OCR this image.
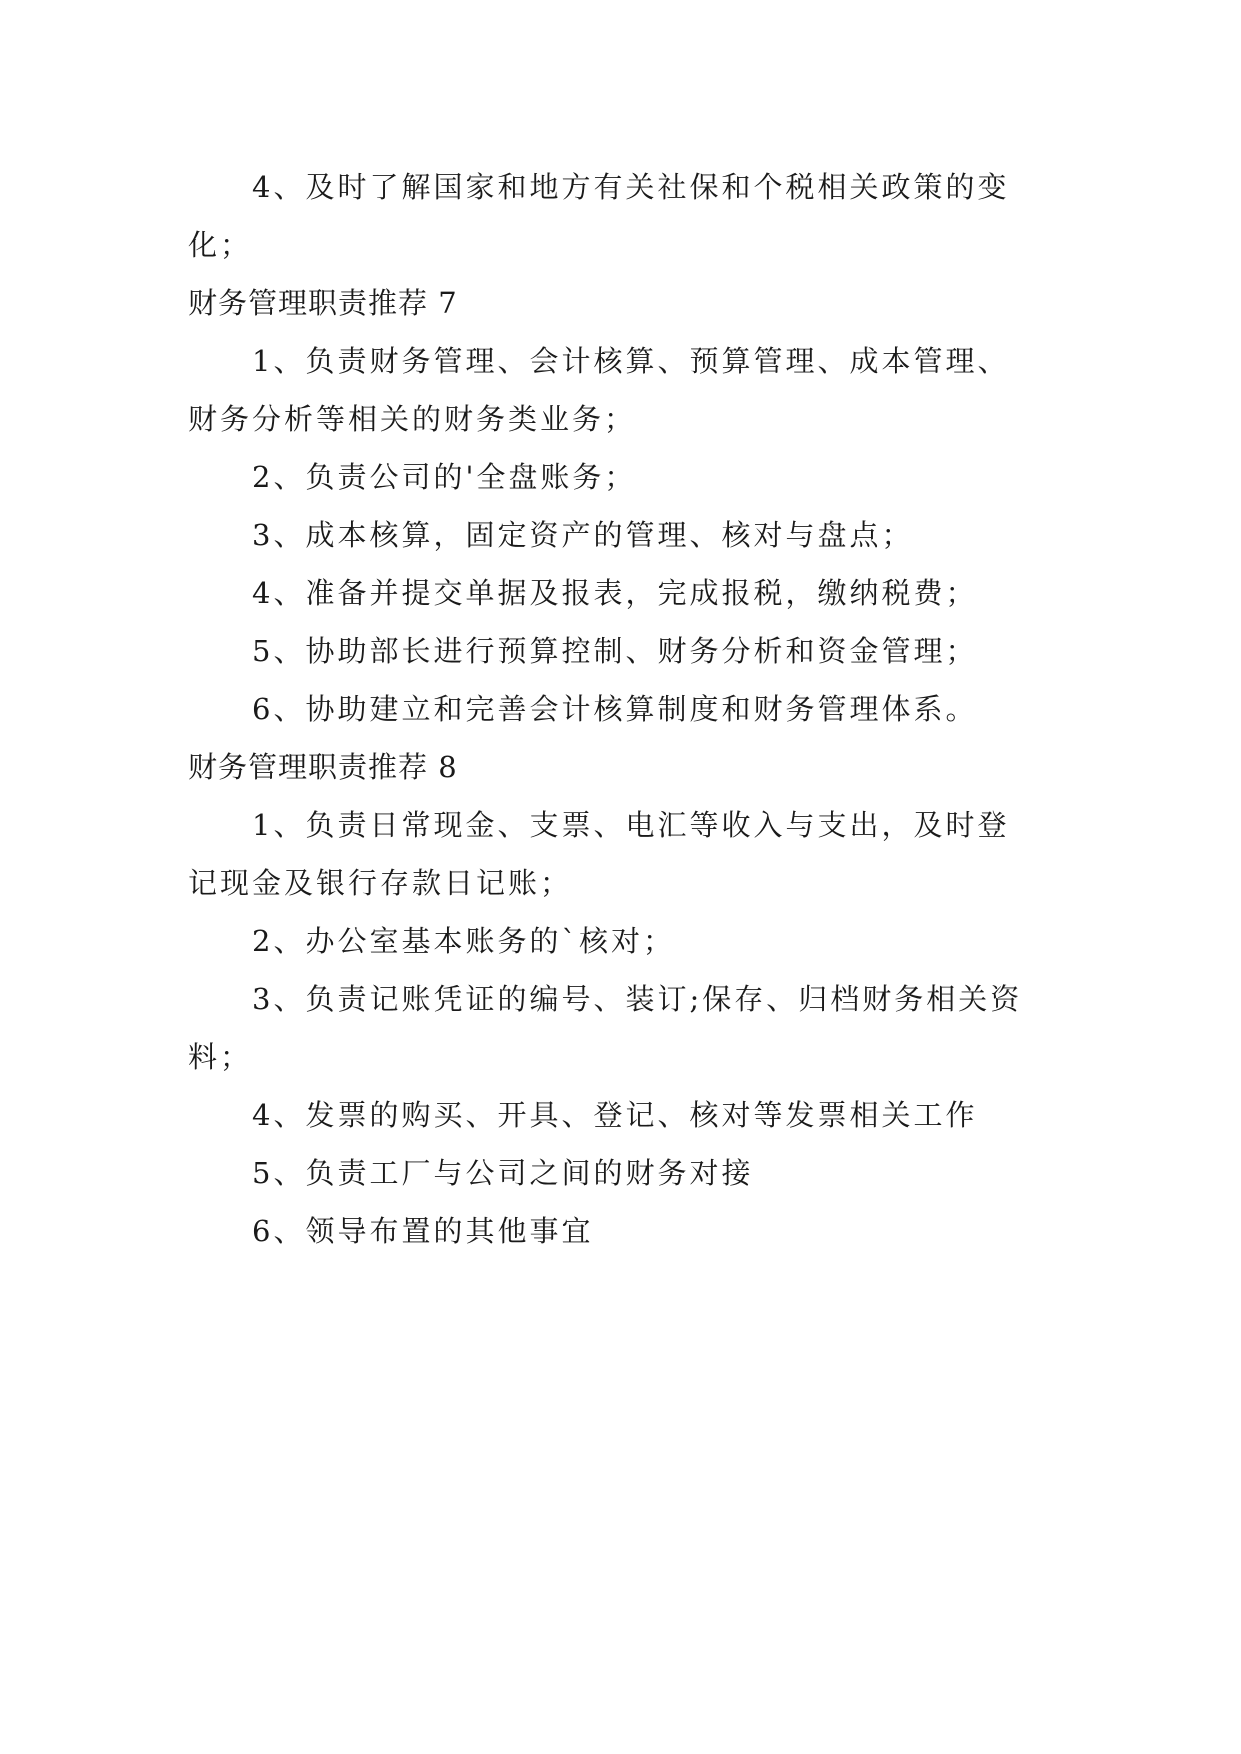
4、及时了解国家和地方有关社保和个税相关政策的变
化；
财务管理职责推荐 7
1、负责财务管理、会计核算、预算管理、成本管理、
财务分析等相关的财务类业务；
2、负责公司的'全盘账务；
3、成本核算，固定资产的管理、核对与盘点；
4、准备并提交单据及报表，完成报税，缴纳税费；
5、协助部长进行预算控制、财务分析和资金管理；
6、协助建立和完善会计核算制度和财务管理体系。
财务管理职责推荐 8
1、负责日常现金、支票、电汇等收入与支出，及时登
记现金及银行存款日记账；
2、办公室基本账务的`核对；
3、负责记账凭证的编号、装订;保存、归档财务相关资
料；
4、发票的购买、开具、登记、核对等发票相关工作
5、负责工厂与公司之间的财务对接
6、领导布置的其他事宜
